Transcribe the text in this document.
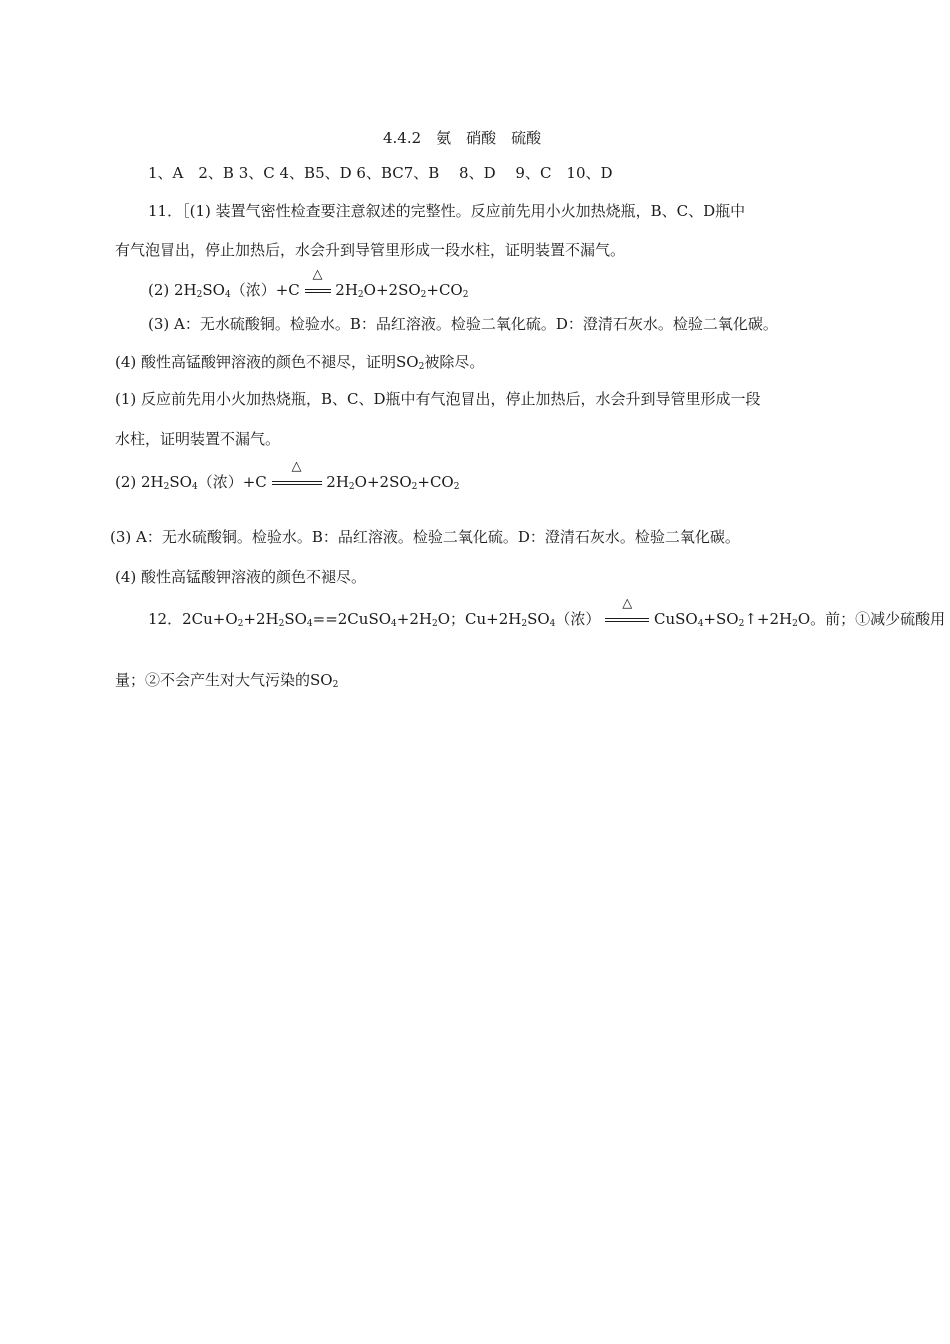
4.4.2　氨　硝酸　硫酸
1、A　2、B 3、C 4、B5、D 6、BC7、B　 8、D　 9、C　10、D
11．［(1) 装置气密性检查要注意叙述的完整性。反应前先用小火加热烧瓶，B、C、D瓶中
有气泡冒出，停止加热后，水会升到导管里形成一段水柱，证明装置不漏气。
(2) $2H_2SO_4$（浓）+C
△
$2H_2O+2SO_2+CO_2$
(3) A：无水硫酸铜。检验水。B：品红溶液。检验二氧化硫。D：澄清石灰水。检验二氧化碳。
(4) 酸性高锰酸钾溶液的颜色不褪尽，证明$SO_2$被除尽。
(1) 反应前先用小火加热烧瓶，B、C、D瓶中有气泡冒出，停止加热后，水会升到导管里形成一段
水柱，证明装置不漏气。
(2) $2H_2SO_4$（浓）+C
△
$2H_2O+2SO_2+CO_2$
(3) A：无水硫酸铜。检验水。B：品红溶液。检验二氧化硫。D：澄清石灰水。检验二氧化碳。
(4) 酸性高锰酸钾溶液的颜色不褪尽。
12．$2Cu+O_2+2H_2SO_4==2CuSO_4+2H_2O$；$Cu+2H_2SO_4$（浓）
△
$CuSO_4+SO_2↑+2H_2O$。前；①减少硫酸用
量；②不会产生对大气污染的$SO_2$
